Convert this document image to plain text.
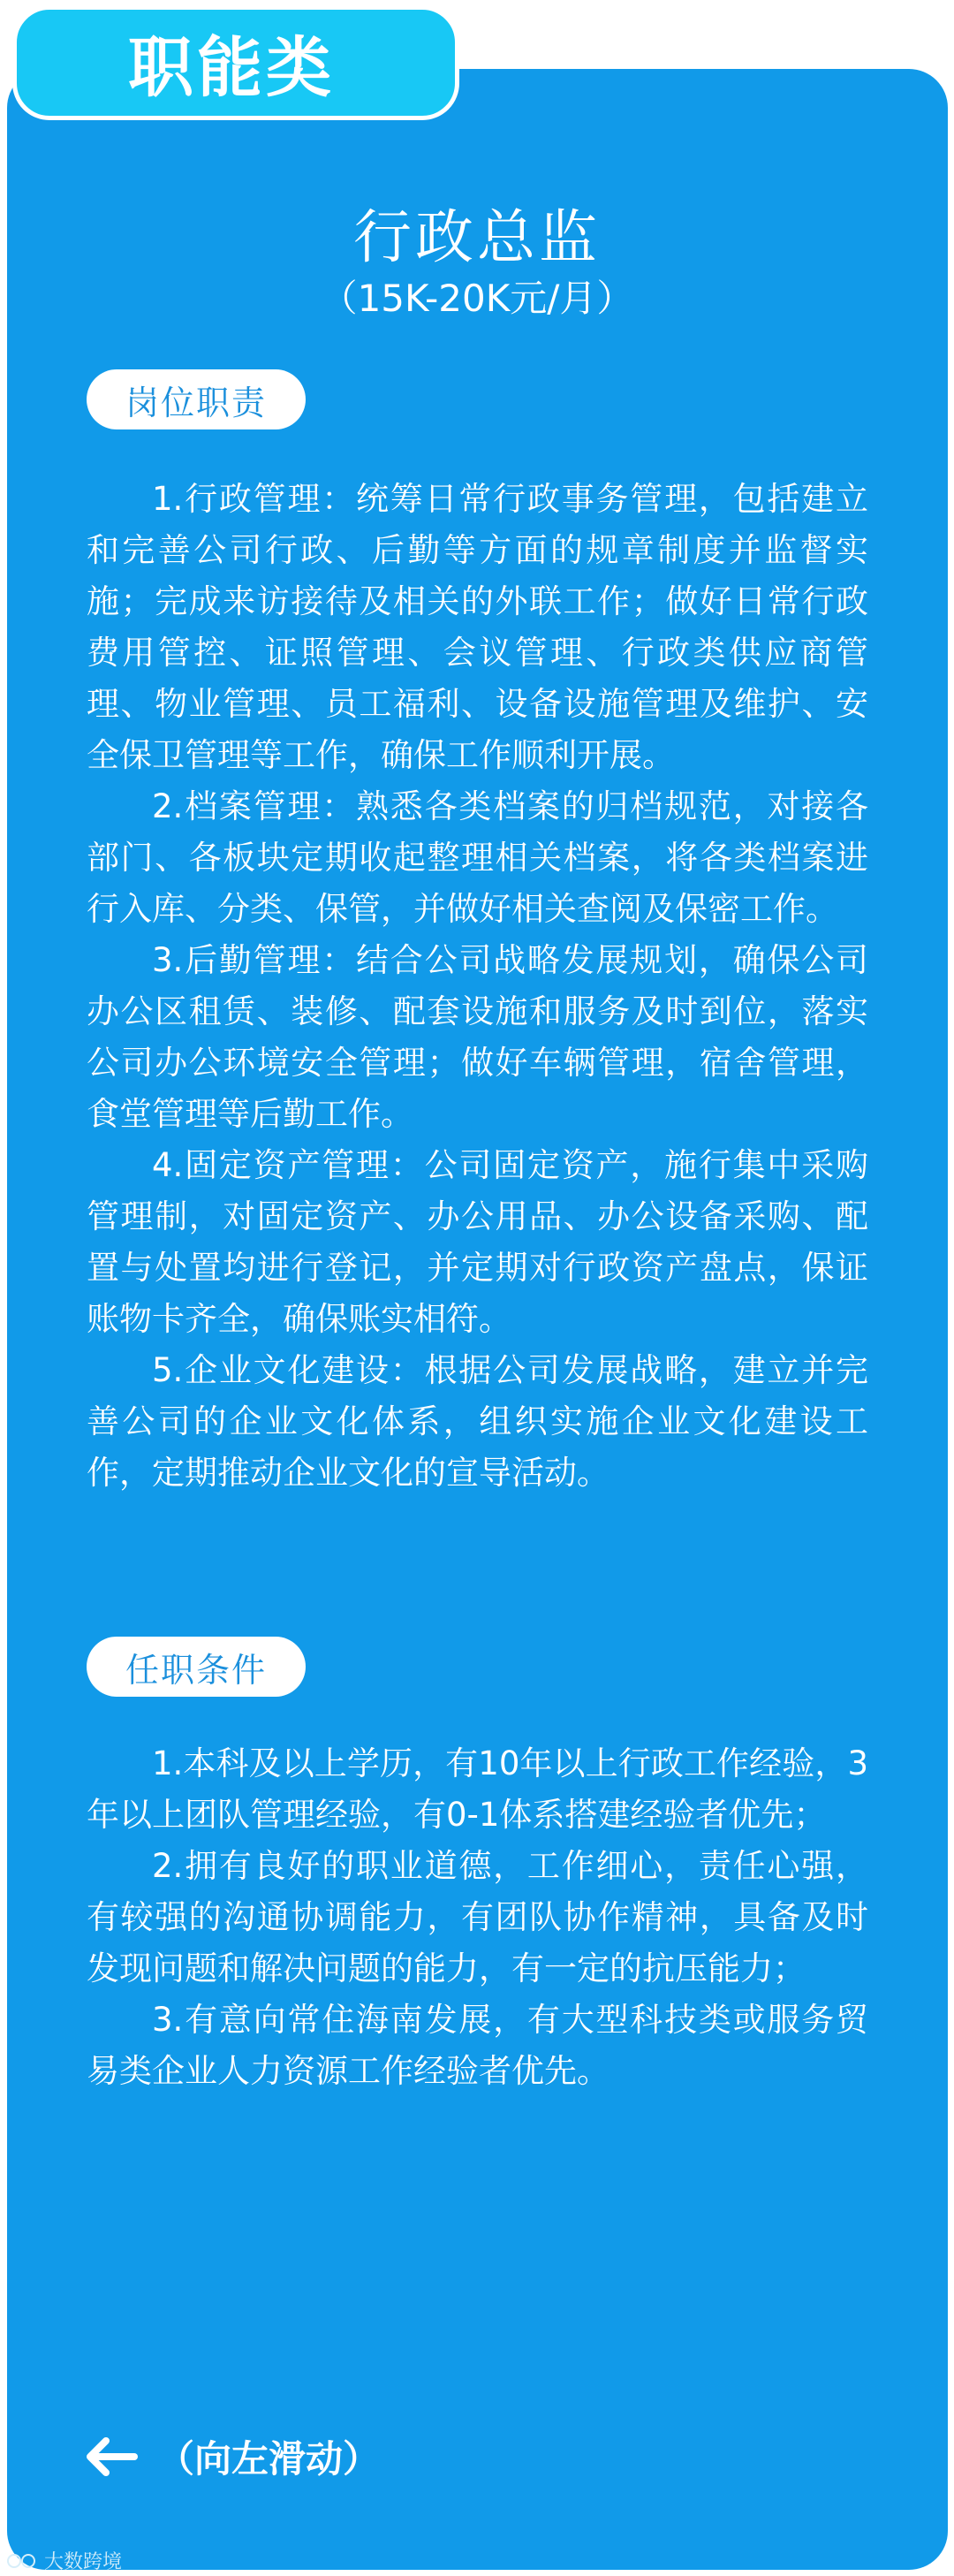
职能类
行政总监
（15K-20K元/月）
岗位职责

1.行政管理：统筹日常行政事务管理，包括建立和完善公司行政、后勤等方面的规章制度并监督实施；完成来访接待及相关的外联工作；做好日常行政费用管控、证照管理、会议管理、行政类供应商管理、物业管理、员工福利、设备设施管理及维护、安全保卫管理等工作，确保工作顺利开展。

2.档案管理：熟悉各类档案的归档规范，对接各部门、各板块定期收起整理相关档案，将各类档案进行入库、分类、保管，并做好相关查阅及保密工作。

3.后勤管理：结合公司战略发展规划，确保公司办公区租赁、装修、配套设施和服务及时到位，落实公司办公环境安全管理；做好车辆管理，宿舍管理，食堂管理等后勤工作。

4.固定资产管理：公司固定资产，施行集中采购管理制，对固定资产、办公用品、办公设备采购、配置与处置均进行登记，并定期对行政资产盘点，保证账物卡齐全，确保账实相符。

5.企业文化建设：根据公司发展战略，建立并完善公司的企业文化体系，组织实施企业文化建设工作，定期推动企业文化的宣导活动。

任职条件

1.本科及以上学历，有10年以上行政工作经验，3年以上团队管理经验，有0-1体系搭建经验者优先；

2.拥有良好的职业道德，工作细心，责任心强，有较强的沟通协调能力，有团队协作精神，具备及时发现问题和解决问题的能力，有一定的抗压能力；

3.有意向常住海南发展，有大型科技类或服务贸易类企业人力资源工作经验者优先。

（向左滑动）
大数跨境
